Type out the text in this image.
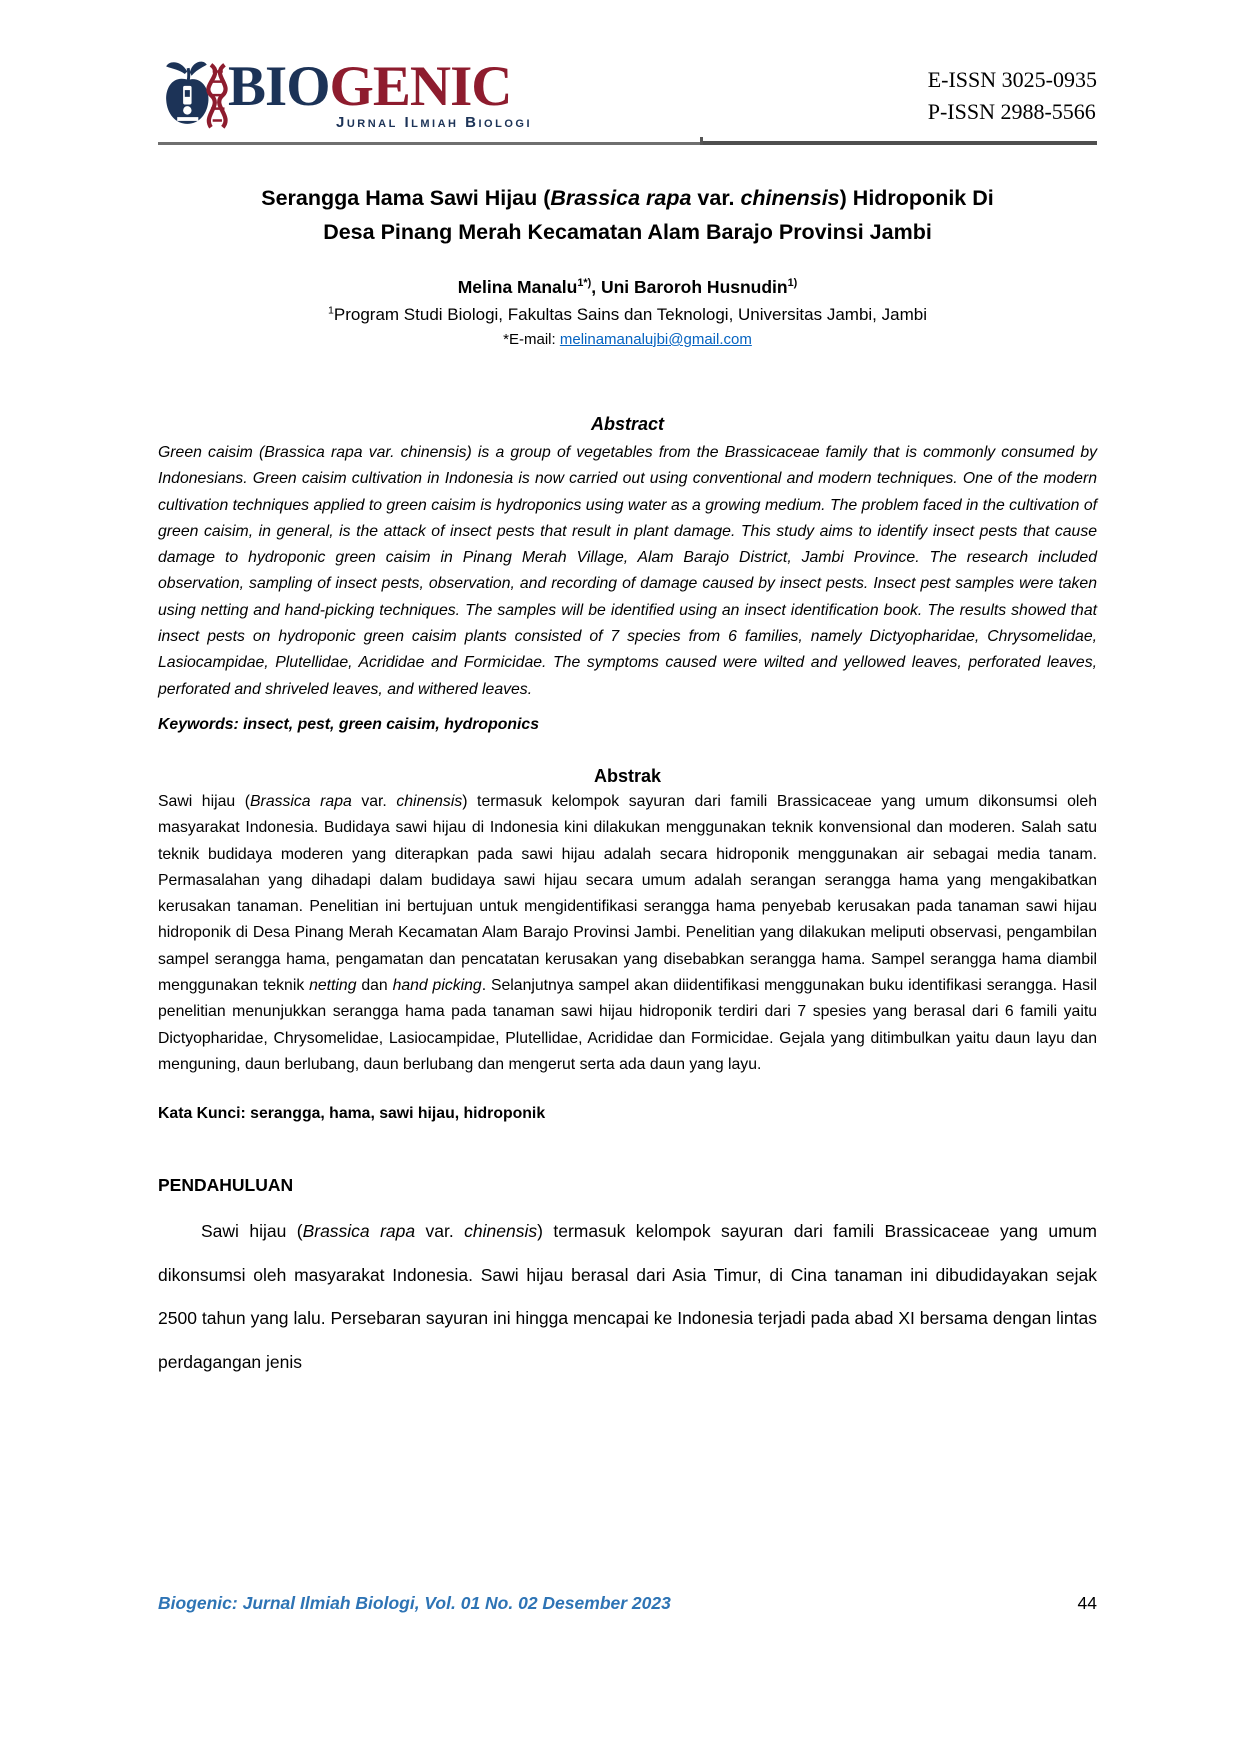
BIOGENIC
Jurnal Ilmiah Biologi
E-ISSN 3025-0935
P-ISSN 2988-5566
Serangga Hama Sawi Hijau (Brassica rapa var. chinensis) Hidroponik Di
Desa Pinang Merah Kecamatan Alam Barajo Provinsi Jambi
Melina Manalu$^{1*)}$, Uni Baroroh Husnudin$^{1)}$
$^1$Program Studi Biologi, Fakultas Sains dan Teknologi, Universitas Jambi, Jambi
*E-mail: melinamanalujbi@gmail.com
Abstract

Green caisim (Brassica rapa var. chinensis) is a group of vegetables from the Brassicaceae family that is commonly consumed by Indonesians. Green caisim cultivation in Indonesia is now carried out using conventional and modern techniques. One of the modern cultivation techniques applied to green caisim is hydroponics using water as a growing medium. The problem faced in the cultivation of green caisim, in general, is the attack of insect pests that result in plant damage. This study aims to identify insect pests that cause damage to hydroponic green caisim in Pinang Merah Village, Alam Barajo District, Jambi Province. The research included observation, sampling of insect pests, observation, and recording of damage caused by insect pests. Insect pest samples were taken using netting and hand-picking techniques. The samples will be identified using an insect identification book. The results showed that insect pests on hydroponic green caisim plants consisted of 7 species from 6 families, namely Dictyopharidae, Chrysomelidae, Lasiocampidae, Plutellidae, Acrididae and Formicidae. The symptoms caused were wilted and yellowed leaves, perforated leaves, perforated and shriveled leaves, and withered leaves.

Keywords: insect, pest, green caisim, hydroponics
Abstrak

Sawi hijau (Brassica rapa var. chinensis) termasuk kelompok sayuran dari famili Brassicaceae yang umum dikonsumsi oleh masyarakat Indonesia. Budidaya sawi hijau di Indonesia kini dilakukan menggunakan teknik konvensional dan moderen. Salah satu teknik budidaya moderen yang diterapkan pada sawi hijau adalah secara hidroponik menggunakan air sebagai media tanam. Permasalahan yang dihadapi dalam budidaya sawi hijau secara umum adalah serangan serangga hama yang mengakibatkan kerusakan tanaman. Penelitian ini bertujuan untuk mengidentifikasi serangga hama penyebab kerusakan pada tanaman sawi hijau hidroponik di Desa Pinang Merah Kecamatan Alam Barajo Provinsi Jambi. Penelitian yang dilakukan meliputi observasi, pengambilan sampel serangga hama, pengamatan dan pencatatan kerusakan yang disebabkan serangga hama. Sampel serangga hama diambil menggunakan teknik netting dan hand picking. Selanjutnya sampel akan diidentifikasi menggunakan buku identifikasi serangga. Hasil penelitian menunjukkan serangga hama pada tanaman sawi hijau hidroponik terdiri dari 7 spesies yang berasal dari 6 famili yaitu Dictyopharidae, Chrysomelidae, Lasiocampidae, Plutellidae, Acrididae dan Formicidae. Gejala yang ditimbulkan yaitu daun layu dan menguning, daun berlubang, daun berlubang dan mengerut serta ada daun yang layu.

Kata Kunci: serangga, hama, sawi hijau, hidroponik
PENDAHULUAN

Sawi hijau (Brassica rapa var. chinensis) termasuk kelompok sayuran dari famili Brassicaceae yang umum dikonsumsi oleh masyarakat Indonesia. Sawi hijau berasal dari Asia Timur, di Cina tanaman ini dibudidayakan sejak 2500 tahun yang lalu. Persebaran sayuran ini hingga mencapai ke Indonesia terjadi pada abad XI bersama dengan lintas perdagangan jenis

Biogenic: Jurnal Ilmiah Biologi, Vol. 01 No. 02 Desember 2023	44
